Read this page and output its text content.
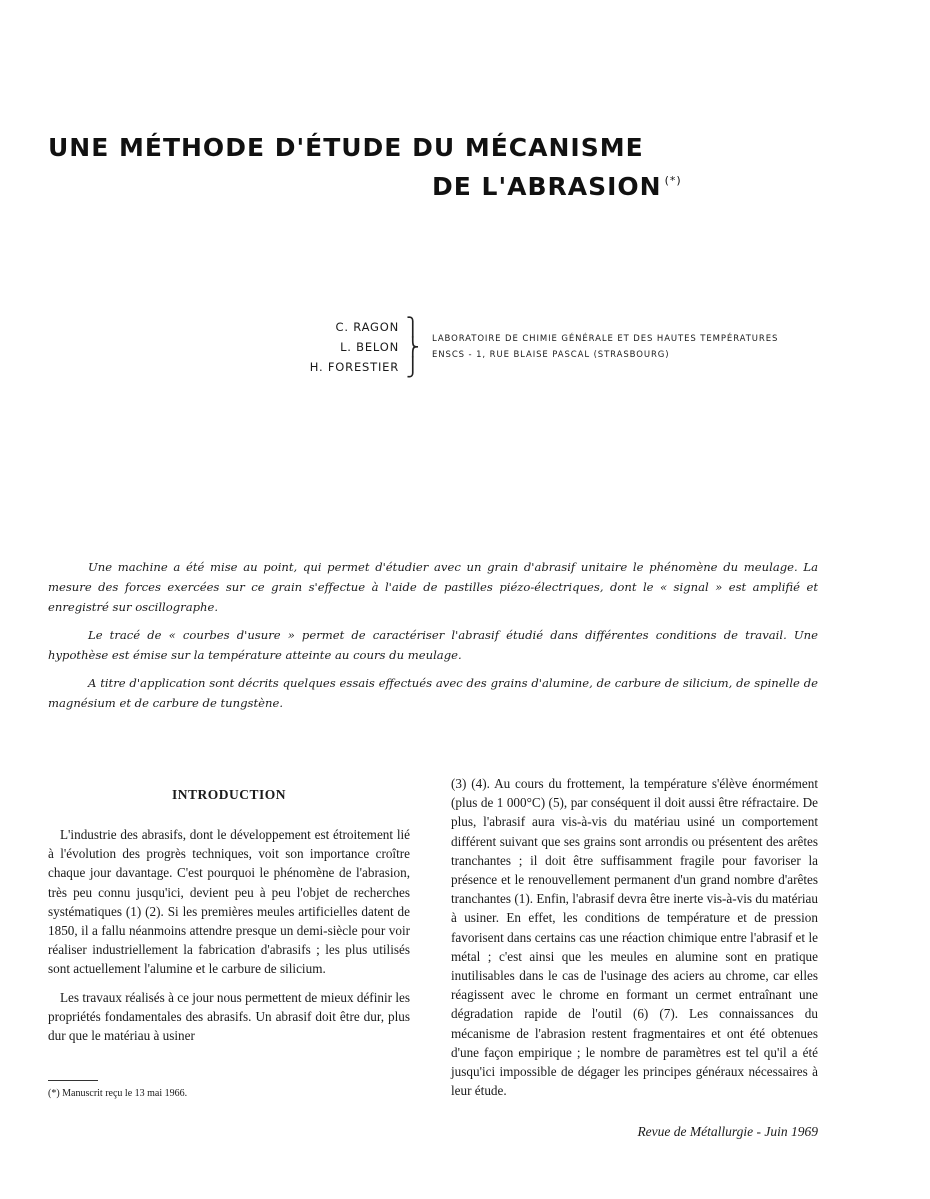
UNE MÉTHODE D'ÉTUDE DU MÉCANISME
DE L'ABRASION (*)
C. RAGON
L. BELON
H. FORESTIER
⎫
⎬
⎭
LABORATOIRE DE CHIMIE GÉNÉRALE ET DES HAUTES TEMPÉRATURES
ENSCS - 1, RUE BLAISE PASCAL (STRASBOURG)

Une machine a été mise au point, qui permet d'étudier avec un grain d'abrasif unitaire le phénomène du meulage. La mesure des forces exercées sur ce grain s'effectue à l'aide de pastilles piézo-électriques, dont le « signal » est amplifié et enregistré sur oscillographe.

Le tracé de « courbes d'usure » permet de caractériser l'abrasif étudié dans différentes conditions de travail. Une hypothèse est émise sur la température atteinte au cours du meulage.

A titre d'application sont décrits quelques essais effectués avec des grains d'alumine, de carbure de silicium, de spinelle de magnésium et de carbure de tungstène.

INTRODUCTION

L'industrie des abrasifs, dont le développement est étroitement lié à l'évolution des progrès techniques, voit son importance croître chaque jour davantage. C'est pourquoi le phénomène de l'abrasion, très peu connu jusqu'ici, devient peu à peu l'objet de recherches systématiques (1) (2). Si les premières meules artificielles datent de 1850, il a fallu néanmoins attendre presque un demi-siècle pour voir réaliser industriellement la fabrication d'abrasifs ; les plus utilisés sont actuellement l'alumine et le carbure de silicium.

Les travaux réalisés à ce jour nous permettent de mieux définir les propriétés fondamentales des abrasifs. Un abrasif doit être dur, plus dur que le matériau à usiner

(3) (4). Au cours du frottement, la température s'élève énormément (plus de 1 000°C) (5), par conséquent il doit aussi être réfractaire. De plus, l'abrasif aura vis-à-vis du matériau usiné un comportement différent suivant que ses grains sont arrondis ou présentent des arêtes tranchantes ; il doit être suffisamment fragile pour favoriser la présence et le renouvellement permanent d'un grand nombre d'arêtes tranchantes (1). Enfin, l'abrasif devra être inerte vis-à-vis du matériau à usiner. En effet, les conditions de température et de pression favorisent dans certains cas une réaction chimique entre l'abrasif et le métal ; c'est ainsi que les meules en alumine sont en pratique inutilisables dans le cas de l'usinage des aciers au chrome, car elles réagissent avec le chrome en formant un cermet entraînant une dégradation rapide de l'outil (6) (7). Les connaissances du mécanisme de l'abrasion restent fragmentaires et ont été obtenues d'une façon empirique ; le nombre de paramètres est tel qu'il a été jusqu'ici impossible de dégager les principes généraux nécessaires à leur étude.

(*) Manuscrit reçu le 13 mai 1966.
Revue de Métallurgie - Juin 1969
